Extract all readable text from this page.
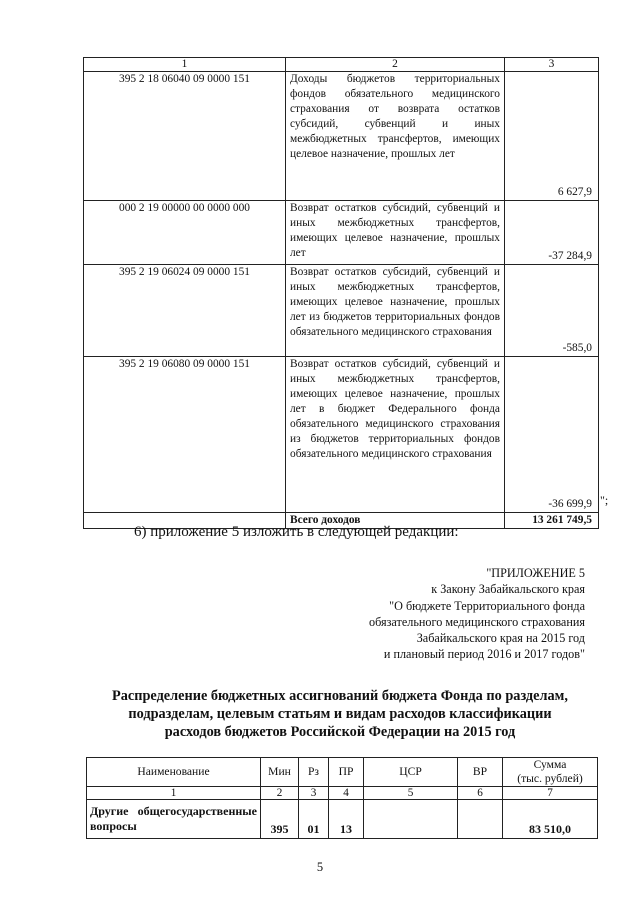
1	2	3
395 2 18 06040 09 0000 151	Доходы бюджетов территориальных фондов обязательного медицинского страхования от возврата остатков субсидий, субвенций и иных межбюджетных трансфертов, имеющих целевое назначение, прошлых лет	6 627,9
000 2 19 00000 00 0000 000	Возврат остатков субсидий, субвенций и иных межбюджетных трансфертов, имеющих целевое назначение, прошлых лет	-37 284,9
395 2 19 06024 09 0000 151	Возврат остатков субсидий, субвенций и иных межбюджетных трансфертов, имеющих целевое назначение, прошлых лет из бюджетов территориальных фондов обязательного медицинского страхования	-585,0
395 2 19 06080 09 0000 151	Возврат остатков субсидий, субвенций и иных межбюджетных трансфертов, имеющих целевое назначение, прошлых лет в бюджет Федерального фонда обязательного медицинского страхования из бюджетов территориальных фондов обязательного медицинского страхования	-36 699,9
	Всего доходов	13 261 749,5
";
6) приложение 5 изложить в следующей редакции:
"ПРИЛОЖЕНИЕ 5
к Закону Забайкальского края
"О бюджете Территориального фонда
обязательного медицинского страхования
Забайкальского края на 2015 год
и плановый период 2016 и 2017 годов"
Распределение бюджетных ассигнований бюджета Фонда по разделам,
подразделам, целевым статьям и видам расходов классификации
расходов бюджетов Российской Федерации на 2015 год
Наименование	Мин	Рз	ПР	ЦСР	ВР	Сумма
(тыс. рублей)

1	2	3	4	5	6	7
Другие общегосударственные вопросы	395	01	13			83 510,0
5
